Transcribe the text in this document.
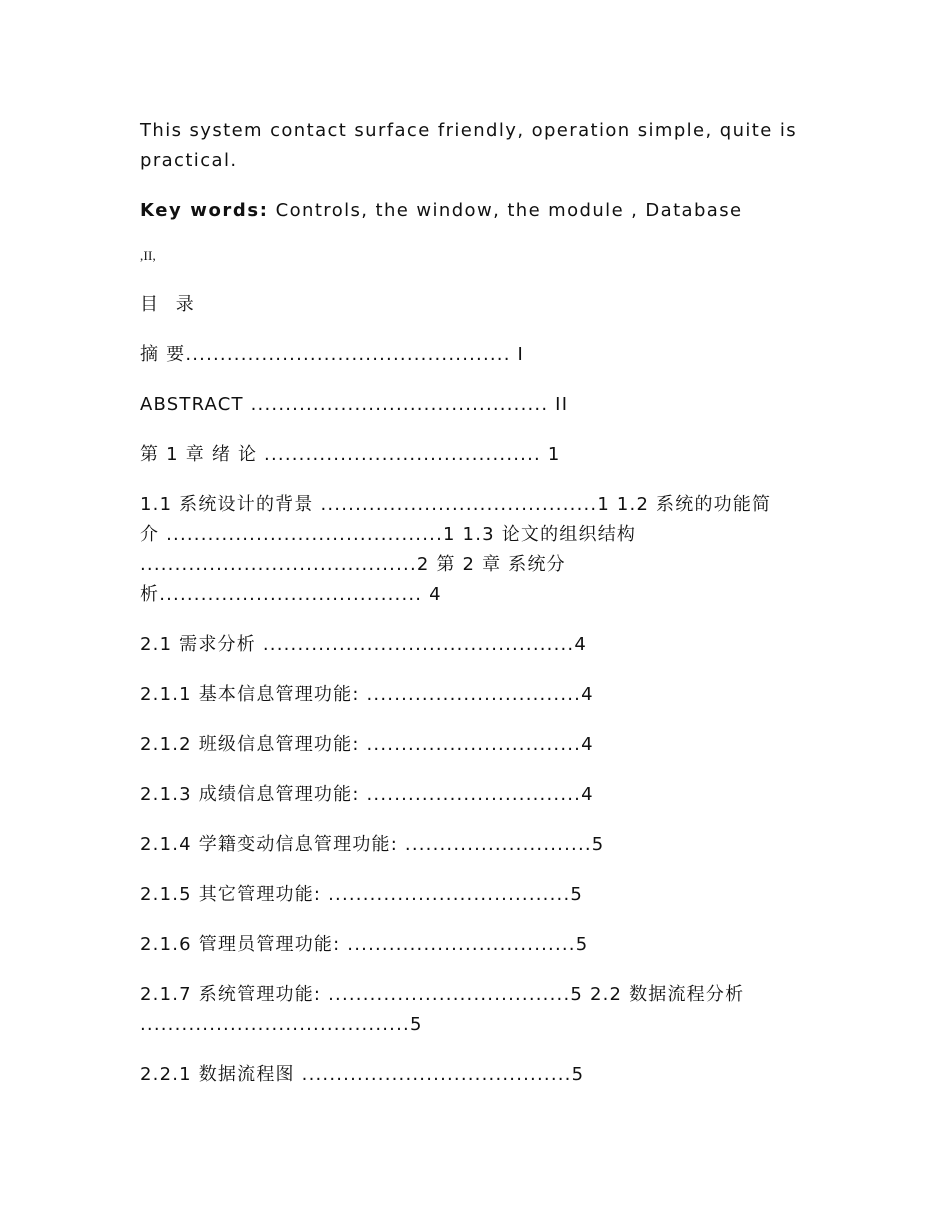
This system contact surface friendly, operation simple, quite is practical.

Key words: Controls, the window, the module , Database

,II,
目 录
摘 要............................................... I
ABSTRACT ........................................... II
第 1 章 绪 论 ........................................ 1
1.1 系统设计的背景 ........................................1 1.2 系统的功能简
介 ........................................1 1.3 论文的组织结构
........................................2 第 2 章 系统分
析...................................... 4
2.1 需求分析 .............................................4
2.1.1 基本信息管理功能: ...............................4
2.1.2 班级信息管理功能: ...............................4
2.1.3 成绩信息管理功能: ...............................4
2.1.4 学籍变动信息管理功能: ...........................5
2.1.5 其它管理功能: ...................................5
2.1.6 管理员管理功能: .................................5
2.1.7 系统管理功能: ...................................5 2.2 数据流程分析
.......................................5
2.2.1 数据流程图 .......................................5
